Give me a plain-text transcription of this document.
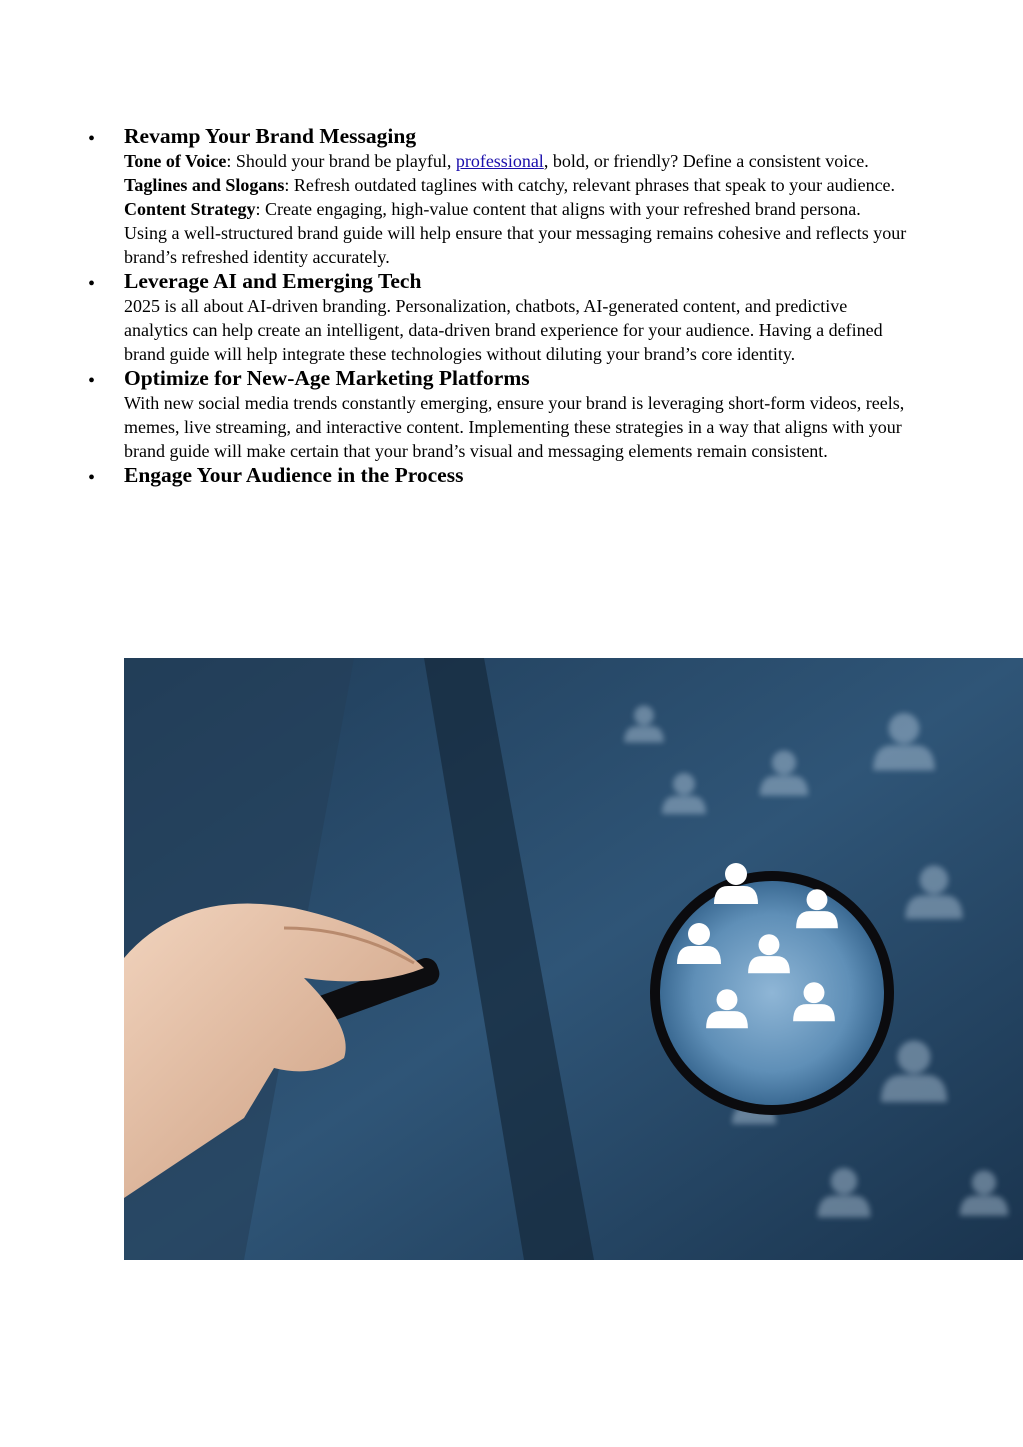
• Revamp Your Brand Messaging

Tone of Voice: Should your brand be playful, professional, bold, or friendly? Define a consistent voice.

Taglines and Slogans: Refresh outdated taglines with catchy, relevant phrases that speak to your audience.

Content Strategy: Create engaging, high-value content that aligns with your refreshed brand persona.

Using a well-structured brand guide will help ensure that your messaging remains cohesive and reflects your brand’s refreshed identity accurately.

• Leverage AI and Emerging Tech

2025 is all about AI-driven branding. Personalization, chatbots, AI-generated content, and predictive analytics can help create an intelligent, data-driven brand experience for your audience. Having a defined brand guide will help integrate these technologies without diluting your brand’s core identity.

• Optimize for New-Age Marketing Platforms

With new social media trends constantly emerging, ensure your brand is leveraging short-form videos, reels, memes, live streaming, and interactive content. Implementing these strategies in a way that aligns with your brand guide will make certain that your brand’s visual and messaging elements remain consistent.

• Engage Your Audience in the Process
